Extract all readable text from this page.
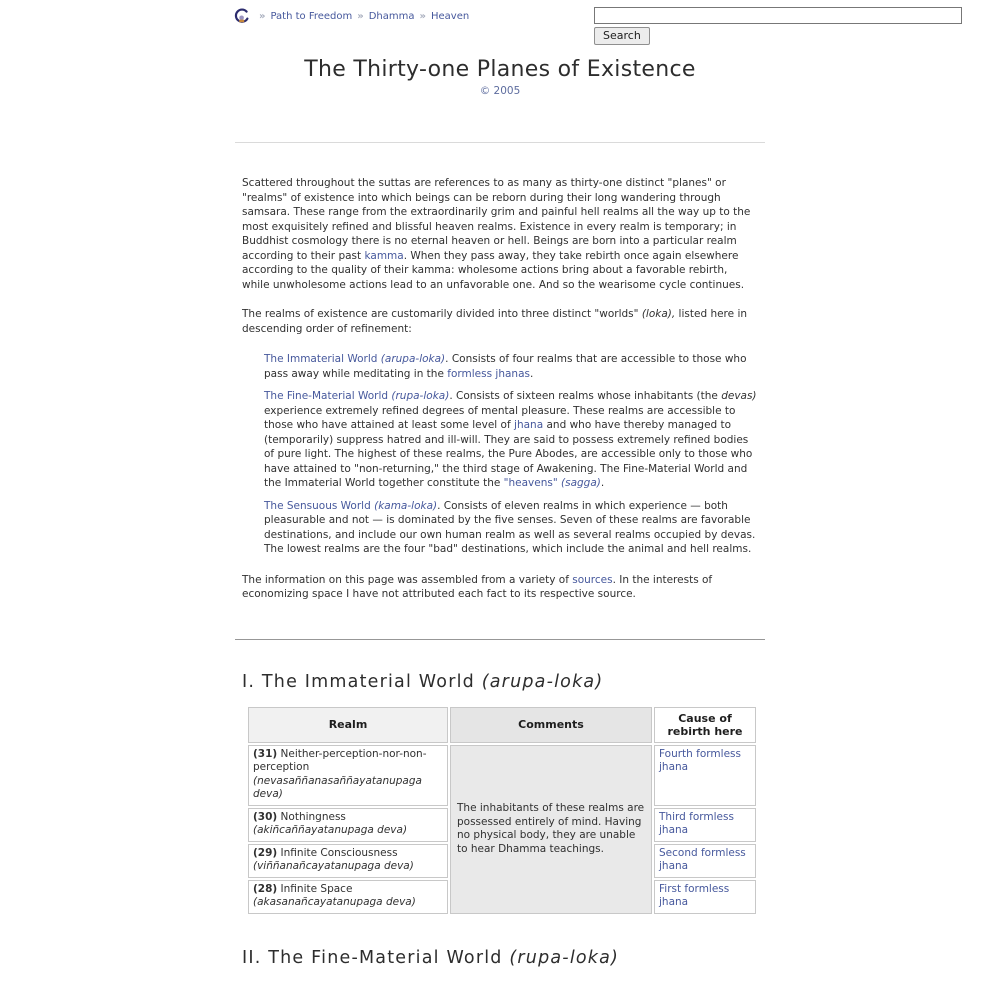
» Path to Freedom » Dhamma » Heaven
Search
The Thirty-one Planes of Existence
© 2005

Scattered throughout the suttas are references to as many as thirty-one distinct "planes" or "realms" of existence into which beings can be reborn during their long wandering through samsara. These range from the extraordinarily grim and painful hell realms all the way up to the most exquisitely refined and blissful heaven realms. Existence in every realm is temporary; in Buddhist cosmology there is no eternal heaven or hell. Beings are born into a particular realm according to their past kamma. When they pass away, they take rebirth once again elsewhere according to the quality of their kamma: wholesome actions bring about a favorable rebirth, while unwholesome actions lead to an unfavorable one. And so the wearisome cycle continues.

The realms of existence are customarily divided into three distinct "worlds" (loka), listed here in descending order of refinement:

The Immaterial World (arupa-loka). Consists of four realms that are accessible to those who pass away while meditating in the formless jhanas.

The Fine-Material World (rupa-loka). Consists of sixteen realms whose inhabitants (the devas) experience extremely refined degrees of mental pleasure. These realms are accessible to those who have attained at least some level of jhana and who have thereby managed to (temporarily) suppress hatred and ill-will. They are said to possess extremely refined bodies of pure light. The highest of these realms, the Pure Abodes, are accessible only to those who have attained to "non-returning," the third stage of Awakening. The Fine-Material World and the Immaterial World together constitute the "heavens" (sagga).

The Sensuous World (kama-loka). Consists of eleven realms in which experience — both pleasurable and not — is dominated by the five senses. Seven of these realms are favorable destinations, and include our own human realm as well as several realms occupied by devas. The lowest realms are the four "bad" destinations, which include the animal and hell realms.

The information on this page was assembled from a variety of sources. In the interests of economizing space I have not attributed each fact to its respective source.

I. The Immaterial World (arupa-loka)
Realm	Comments	Cause of rebirth here
(31) Neither-perception-nor-non-perception (nevasaññanasaññayatanupaga deva)	The inhabitants of these realms are possessed entirely of mind. Having no physical body, they are unable to hear Dhamma teachings.	Fourth formless jhana
(30) Nothingness (akiñcaññayatanupaga deva)		Third formless jhana
(29) Infinite Consciousness (viññanañcayatanupaga deva)		Second formless jhana
(28) Infinite Space (akasanañcayatanupaga deva)		First formless jhana
II. The Fine-Material World (rupa-loka)
